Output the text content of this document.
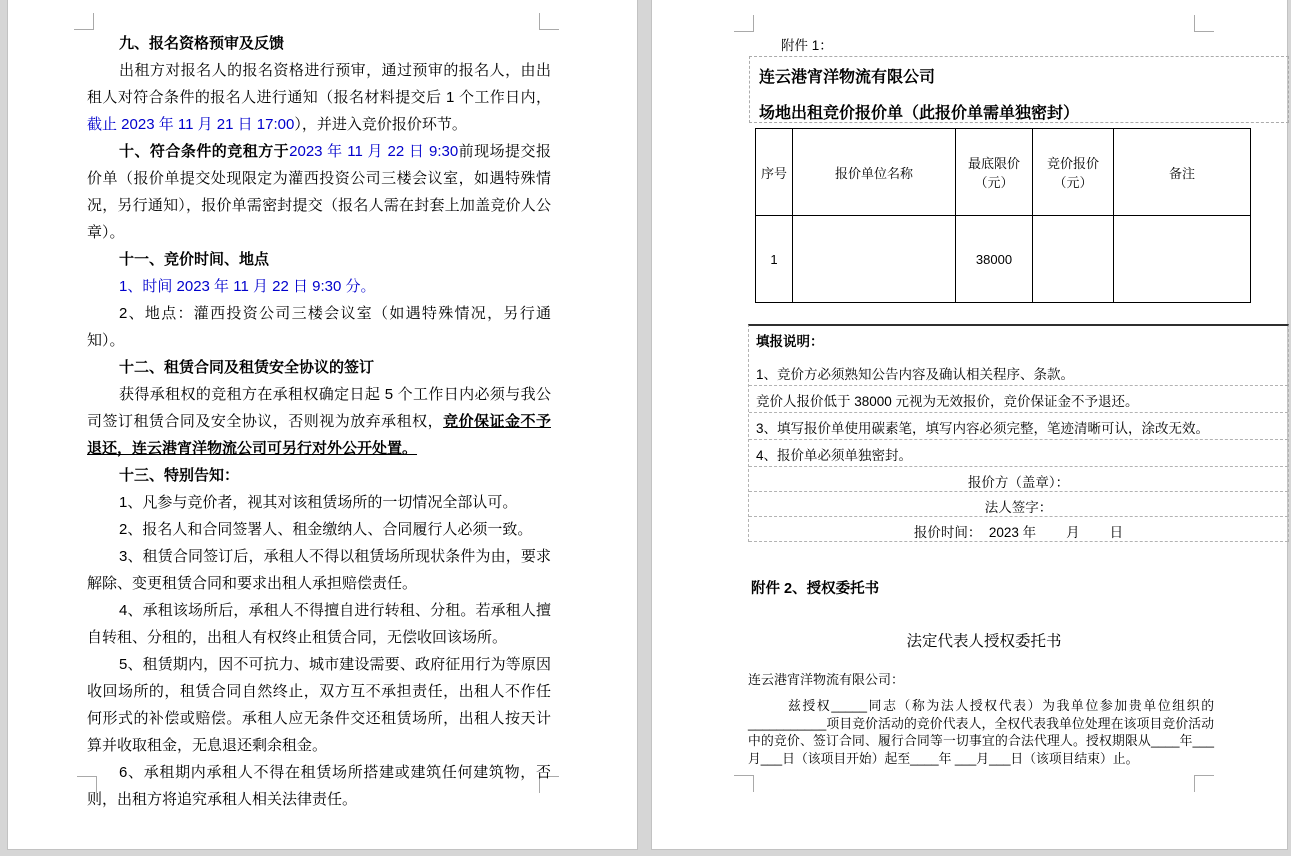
九、报名资格预审及反馈

出租方对报名人的报名资格进行预审，通过预审的报名人，由出租人对符合条件的报名人进行通知（报名材料提交后 1 个工作日内，截止 2023 年 11 月 21 日 17:00），并进入竞价报价环节。

十、符合条件的竞租方于2023 年 11 月 22 日 9:30前现场提交报价单（报价单提交处现限定为灌西投资公司三楼会议室，如遇特殊情况，另行通知），报价单需密封提交（报名人需在封套上加盖竞价人公章）。

十一、竞价时间、地点

1、时间 2023 年 11 月 22 日 9:30 分。

2、地点：灌西投资公司三楼会议室（如遇特殊情况，另行通知）。

十二、租赁合同及租赁安全协议的签订

获得承租权的竞租方在承租权确定日起 5 个工作日内必须与我公司签订租赁合同及安全协议，否则视为放弃承租权，竞价保证金不予退还，连云港宵洋物流公司可另行对外公开处置。

十三、特别告知：

1、凡参与竞价者，视其对该租赁场所的一切情况全部认可。

2、报名人和合同签署人、租金缴纳人、合同履行人必须一致。

3、租赁合同签订后，承租人不得以租赁场所现状条件为由，要求解除、变更租赁合同和要求出租人承担赔偿责任。

4、承租该场所后，承租人不得擅自进行转租、分租。若承租人擅自转租、分租的，出租人有权终止租赁合同，无偿收回该场所。

5、租赁期内，因不可抗力、城市建设需要、政府征用行为等原因收回场所的，租赁合同自然终止，双方互不承担责任，出租人不作任何形式的补偿或赔偿。承租人应无条件交还租赁场所，出租人按天计算并收取租金，无息退还剩余租金。

6、承租期内承租人不得在租赁场所搭建或建筑任何建筑物，否则，出租方将追究承租人相关法律责任。

附件 1：

连云港宵洋物流有限公司

场地出租竞价报价单（此报价单需单独密封）

序号	报价单位名称	最底限价（元）	竞价报价（元）	备注
1		38000		
填报说明：
1、竞价方必须熟知公告内容及确认相关程序、条款。
竞价人报价低于 38000 元视为无效报价，竞价保证金不予退还。
3、填写报价单使用碳素笔，填写内容必须完整，笔迹清晰可认，涂改无效。
4、报价单必须单独密封。
报价方（盖章）：
法人签字：
报价时间：  2023 年        月        日
附件 2、授权委托书
法定代表人授权委托书
连云港宵洋物流有限公司：
兹授权_____同志（称为法人授权代表）为我单位参加贵单位组织的___________项目竞价活动的竞价代表人，全权代表我单位处理在该项目竞价活动中的竞价、签订合同、履行合同等一切事宜的合法代理人。授权期限从____年___月___日（该项目开始）起至____年 ___月___日（该项目结束）止。
